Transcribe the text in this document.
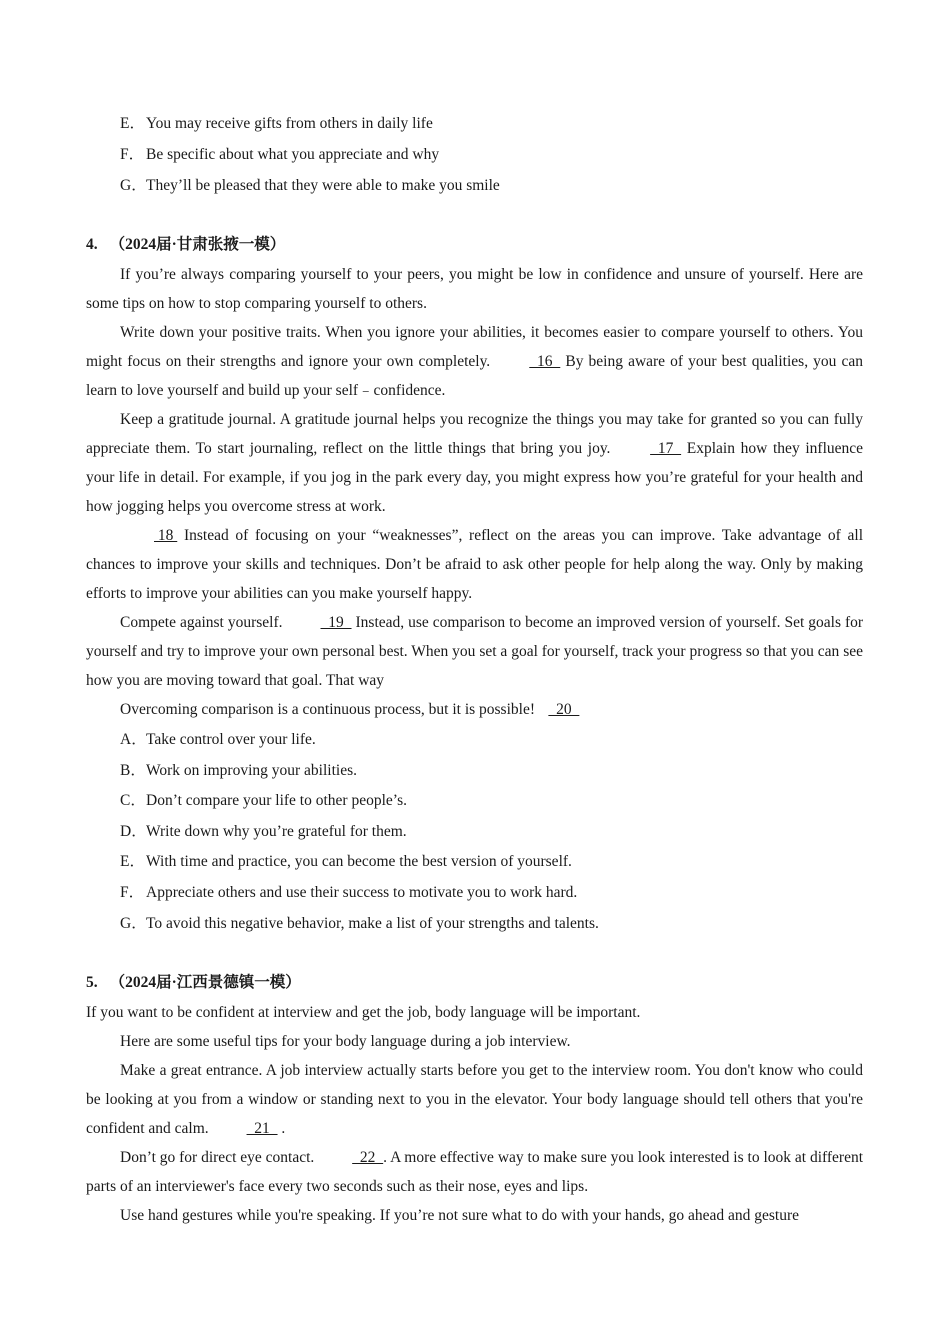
E．You may receive gifts from others in daily life
F． Be specific about what you appreciate and why
G．They’ll be pleased that they were able to make you smile
4. （2024届·甘肃张掖一模）

If you’re always comparing yourself to your peers, you might be low in confidence and unsure of yourself. Here are some tips on how to stop comparing yourself to others.

Write down your positive traits. When you ignore your abilities, it becomes easier to compare yourself to others. You might focus on their strengths and ignore your own completely.	16   By being aware of your best qualities, you can learn to love yourself and build up your self﹣confidence.

Keep a gratitude journal. A gratitude journal helps you recognize the things you may take for granted so you can fully appreciate them. To start journaling, reflect on the little things that bring you joy.	17   Explain how they influence your life in detail. For example, if you jog in the park every day, you might express how you’re grateful for your health and how jogging helps you overcome stress at work.

18  Instead of focusing on your “weaknesses”, reflect on the areas you can improve. Take advantage of all chances to improve your skills and techniques. Don’t be afraid to ask other people for help along the way. Only by making efforts to improve your abilities can you make yourself happy.

Compete against yourself.   19   Instead, use comparison to become an improved version of yourself. Set goals for yourself and try to improve your own personal best. When you set a goal for yourself, track your progress so that you can see how you are moving toward that goal. That way

Overcoming comparison is a continuous process, but it is possible!   20
A．Take control over your life.
B．Work on improving your abilities.
C．Don’t compare your life to other people’s.
D．Write down why you’re grateful for them.
E．With time and practice, you can become the best version of yourself.
F． Appreciate others and use their success to motivate you to work hard.
G．To avoid this negative behavior, make a list of your strengths and talents.
5. （2024届·江西景德镇一模）
If you want to be confident at interview and get the job, body language will be important.
Here are some useful tips for your body language during a job interview.

Make a great entrance. A job interview actually starts before you get to the interview room. You don't know who could be looking at you from a window or standing next to you in the elevator. Your body language should tell others that you're confident and calm.   21   .

Don’t go for direct eye contact.   22  . A more effective way to make sure you look interested is to look at different parts of an interviewer's face every two seconds such as their nose, eyes and lips.

Use hand gestures while you're speaking. If you’re not sure what to do with your hands, go ahead and gesture
